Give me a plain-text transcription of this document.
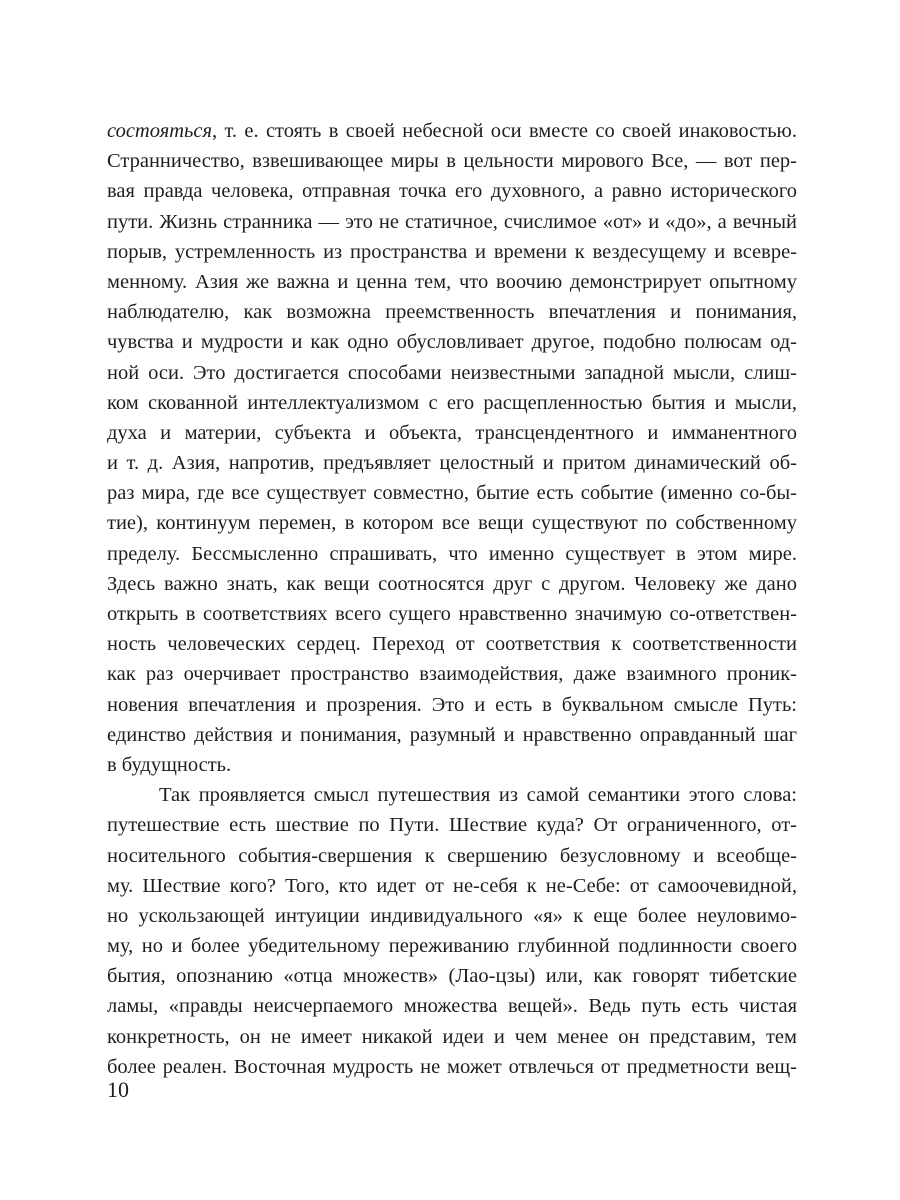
состояться, т. е. стоять в своей небесной оси вместе со своей инаковостью.
Странничество, взвешивающее миры в цельности мирового Все, — вот пер-
вая правда человека, отправная точка его духовного, а равно исторического
пути. Жизнь странника — это не статичное, счислимое «от» и «до», а вечный
порыв, устремленность из пространства и времени к вездесущему и всевре-
менному. Азия же важна и ценна тем, что воочию демонстрирует опытному
наблюдателю, как возможна преемственность впечатления и понимания,
чувства и мудрости и как одно обусловливает другое, подобно полюсам од-
ной оси. Это достигается способами неизвестными западной мысли, слиш-
ком скованной интеллектуализмом с его расщепленностью бытия и мысли,
духа и материи, субъекта и объекта, трансцендентного и имманентного
и т. д. Азия, напротив, предъявляет целостный и притом динамический об-
раз мира, где все существует совместно, бытие есть событие (именно со-бы-
тие), континуум перемен, в котором все вещи существуют по собственному
пределу. Бессмысленно спрашивать, что именно существует в этом мире.
Здесь важно знать, как вещи соотносятся друг с другом. Человеку же дано
открыть в соответствиях всего сущего нравственно значимую со-ответствен-
ность человеческих сердец. Переход от соответствия к соответственности
как раз очерчивает пространство взаимодействия, даже взаимного проник-
новения впечатления и прозрения. Это и есть в буквальном смысле Путь:
единство действия и понимания, разумный и нравственно оправданный шаг
в будущность.
Так проявляется смысл путешествия из самой семантики этого слова:
путешествие есть шествие по Пути. Шествие куда? От ограниченного, от-
носительного события-свершения к свершению безусловному и всеобще-
му. Шествие кого? Того, кто идет от не-себя к не-Себе: от самоочевидной,
но ускользающей интуиции индивидуального «я» к еще более неуловимо-
му, но и более убедительному переживанию глубинной подлинности своего
бытия, опознанию «отца множеств» (Лао-цзы) или, как говорят тибетские
ламы, «правды неисчерпаемого множества вещей». Ведь путь есть чистая
конкретность, он не имеет никакой идеи и чем менее он представим, тем
более реален. Восточная мудрость не может отвлечься от предметности вещ-
10
